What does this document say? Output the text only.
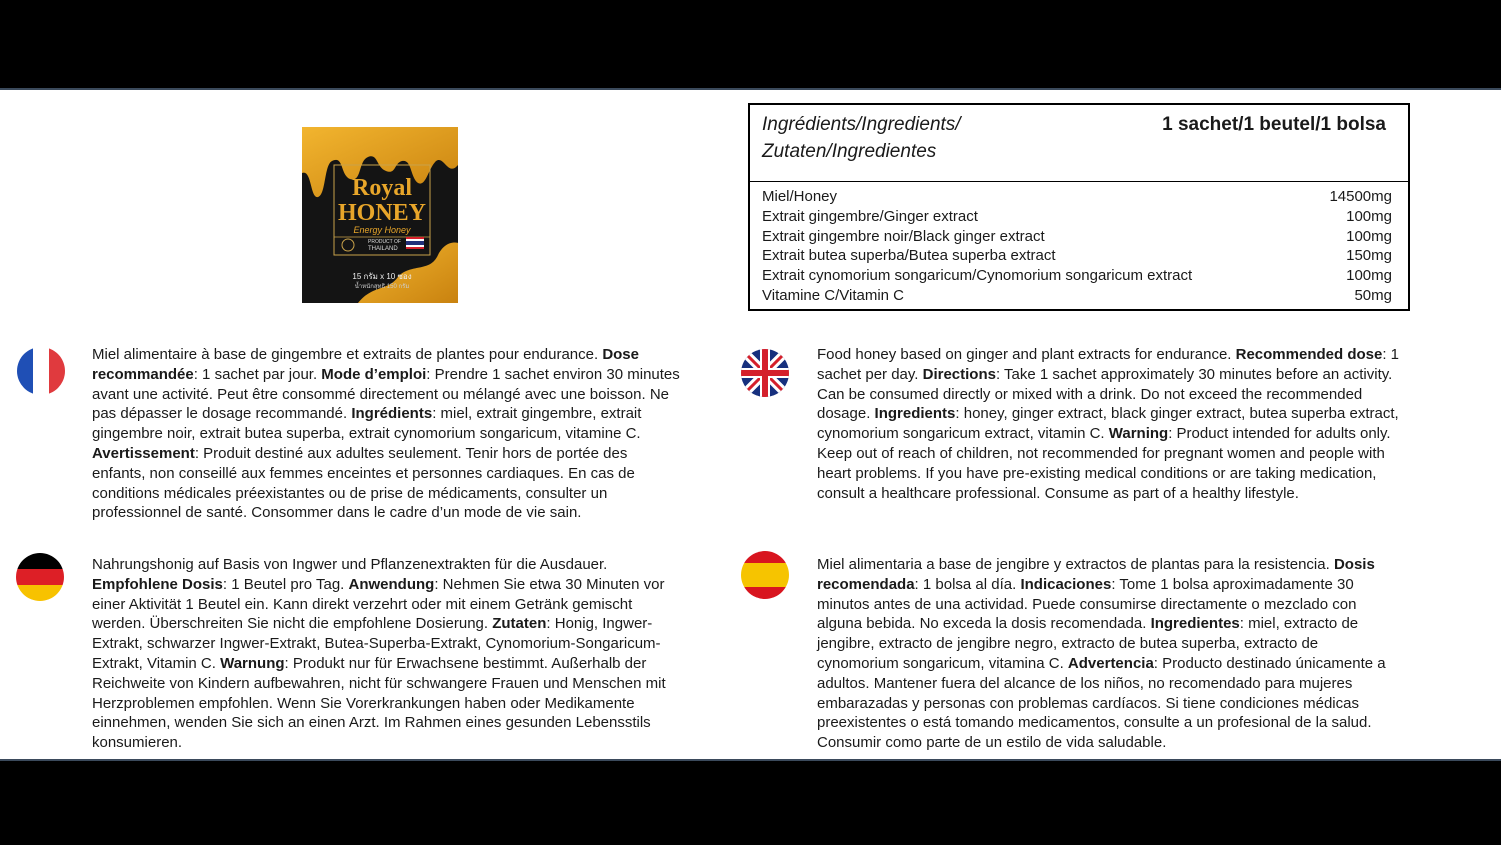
Royal
HONEY
Energy Honey
PRODUCT OF
THAILAND
15 กรัม x 10 ซอง
น้ำหนักสุทธิ 150 กรัม
Ingrédients/Ingredients/
Zutaten/Ingredientes
1 sachet/1 beutel/1 bolsa
Miel/Honey	14500mg
Extrait gingembre/Ginger extract	100mg
Extrait gingembre noir/Black ginger extract	100mg
Extrait butea superba/Butea superba extract	150mg
Extrait cynomorium songaricum/Cynomorium songaricum extract	100mg
Vitamine C/Vitamin C	50mg
Miel alimentaire à base de gingembre et extraits de plantes pour endurance. Dose recommandée: 1 sachet par jour. Mode d’emploi: Prendre 1 sachet environ 30 minutes avant une activité. Peut être consommé directement ou mélangé avec une boisson. Ne pas dépasser le dosage recommandé. Ingrédients: miel, extrait gingembre, extrait gingembre noir, extrait butea superba, extrait cynomorium songaricum, vitamine C. Avertissement: Produit destiné aux adultes seulement. Tenir hors de portée des enfants, non conseillé aux femmes enceintes et personnes cardiaques. En cas de conditions médicales préexistantes ou de prise de médicaments, consulter un professionnel de santé. Consommer dans le cadre d’un mode de vie sain.
Food honey based on ginger and plant extracts for endurance. Recommended dose: 1 sachet per day. Directions: Take 1 sachet approximately 30 minutes before an activity. Can be consumed directly or mixed with a drink. Do not exceed the recommended dosage. Ingredients: honey, ginger extract, black ginger extract, butea superba extract, cynomorium songaricum extract, vitamin C. Warning: Product intended for adults only. Keep out of reach of children, not recommended for pregnant women and people with heart problems. If you have pre-existing medical conditions or are taking medication, consult a healthcare professional. Consume as part of a healthy lifestyle.
Nahrungshonig auf Basis von Ingwer und Pflanzenextrakten für die Ausdauer. Empfohlene Dosis: 1 Beutel pro Tag. Anwendung: Nehmen Sie etwa 30 Minuten vor einer Aktivität 1 Beutel ein. Kann direkt verzehrt oder mit einem Getränk gemischt werden. Überschreiten Sie nicht die empfohlene Dosierung. Zutaten: Honig, Ingwer-Extrakt, schwarzer Ingwer-Extrakt, Butea-Superba-Extrakt, Cynomorium-Songaricum-Extrakt, Vitamin C. Warnung: Produkt nur für Erwachsene bestimmt. Außerhalb der Reichweite von Kindern aufbewahren, nicht für schwangere Frauen und Menschen mit Herzproblemen empfohlen. Wenn Sie Vorerkrankungen haben oder Medikamente einnehmen, wenden Sie sich an einen Arzt. Im Rahmen eines gesunden Lebensstils konsumieren.
Miel alimentaria a base de jengibre y extractos de plantas para la resistencia. Dosis recomendada: 1 bolsa al día. Indicaciones: Tome 1 bolsa aproximadamente 30 minutos antes de una actividad. Puede consumirse directamente o mezclado con alguna bebida. No exceda la dosis recomendada. Ingredientes: miel, extracto de jengibre, extracto de jengibre negro, extracto de butea superba, extracto de cynomorium songaricum, vitamina C. Advertencia: Producto destinado únicamente a adultos. Mantener fuera del alcance de los niños, no recomendado para mujeres embarazadas y personas con problemas cardíacos. Si tiene condiciones médicas preexistentes o está tomando medicamentos, consulte a un profesional de la salud. Consumir como parte de un estilo de vida saludable.
